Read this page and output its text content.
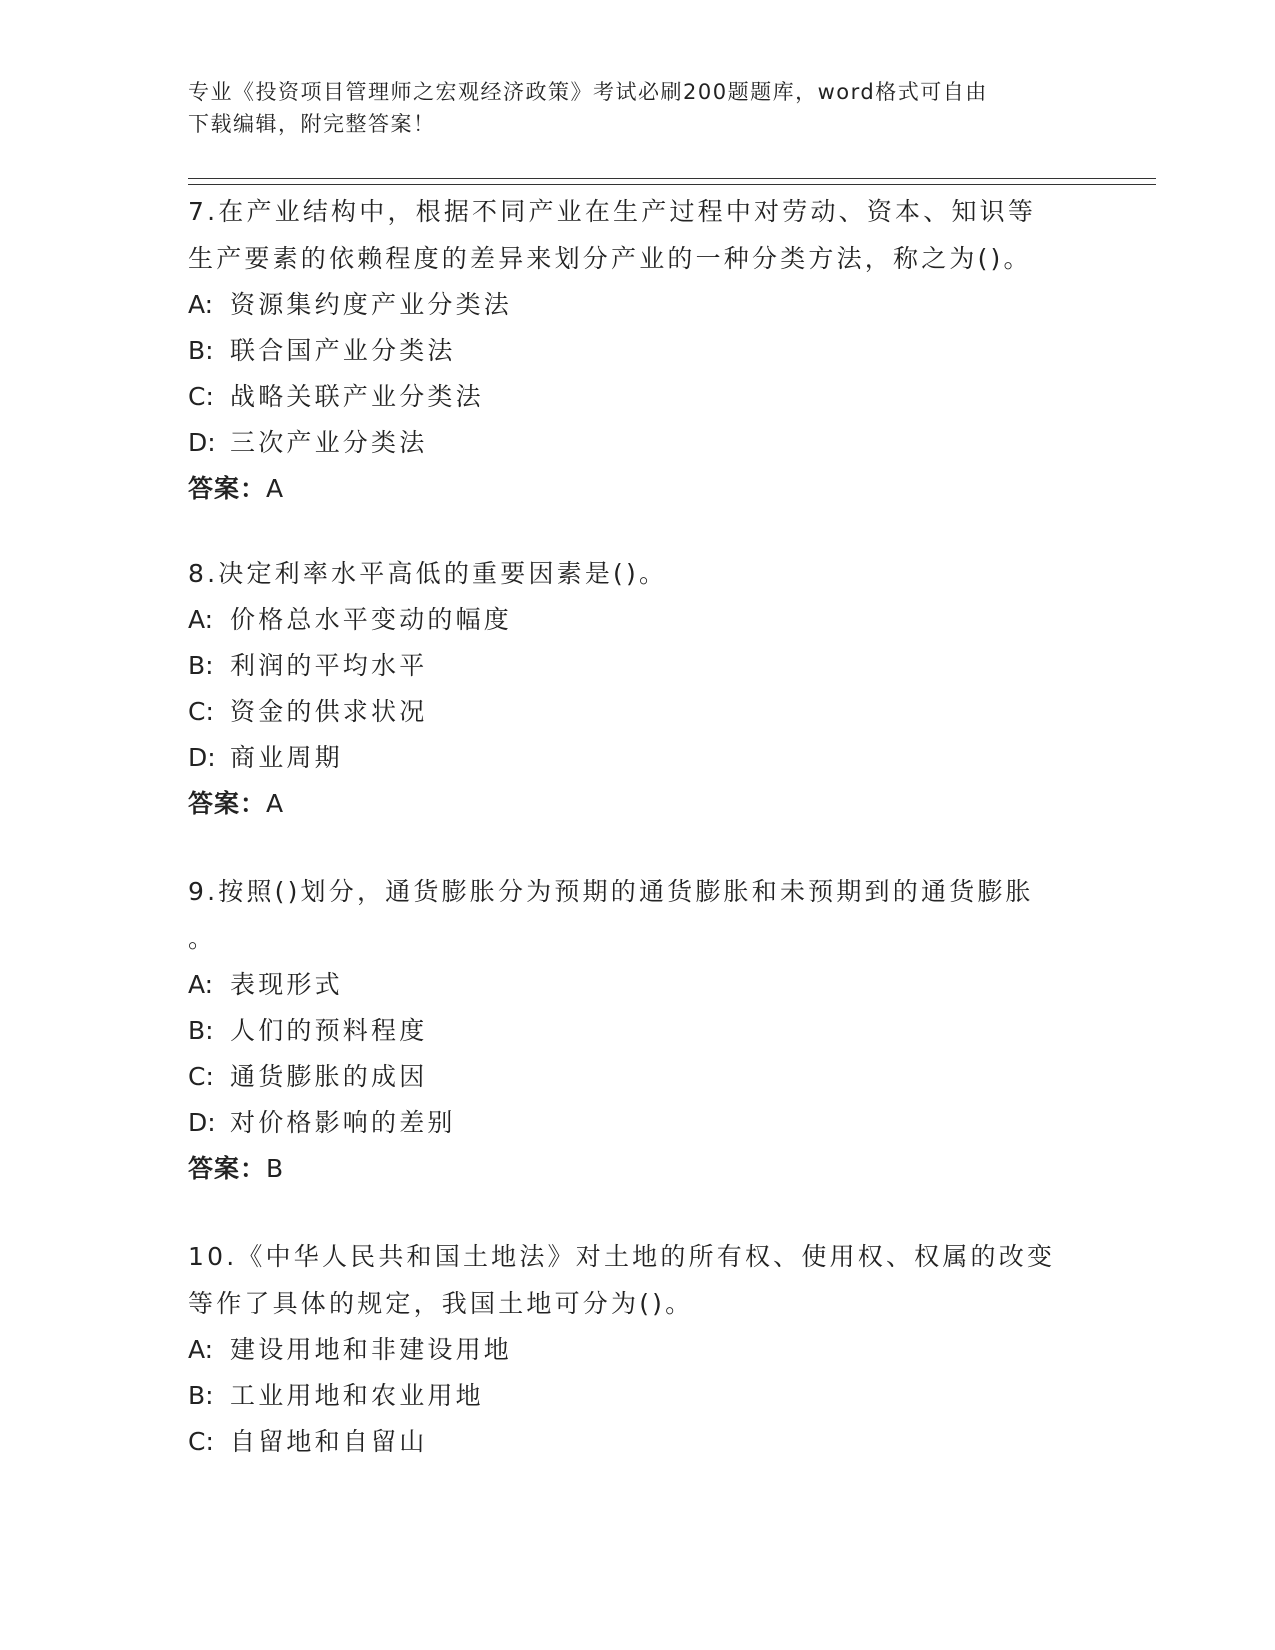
专业《投资项目管理师之宏观经济政策》考试必刷200题题库，word格式可自由
下载编辑，附完整答案！

7.在产业结构中，根据不同产业在生产过程中对劳动、资本、知识等

生产要素的依赖程度的差异来划分产业的一种分类方法，称之为()。

A: 资源集约度产业分类法

B: 联合国产业分类法

C: 战略关联产业分类法

D: 三次产业分类法

答案：A

8.决定利率水平高低的重要因素是()。

A: 价格总水平变动的幅度

B: 利润的平均水平

C: 资金的供求状况

D: 商业周期

答案：A

9.按照()划分，通货膨胀分为预期的通货膨胀和未预期到的通货膨胀

。

A: 表现形式

B: 人们的预料程度

C: 通货膨胀的成因

D: 对价格影响的差别

答案：B

10.《中华人民共和国土地法》对土地的所有权、使用权、权属的改变

等作了具体的规定，我国土地可分为()。

A: 建设用地和非建设用地

B: 工业用地和农业用地

C: 自留地和自留山
